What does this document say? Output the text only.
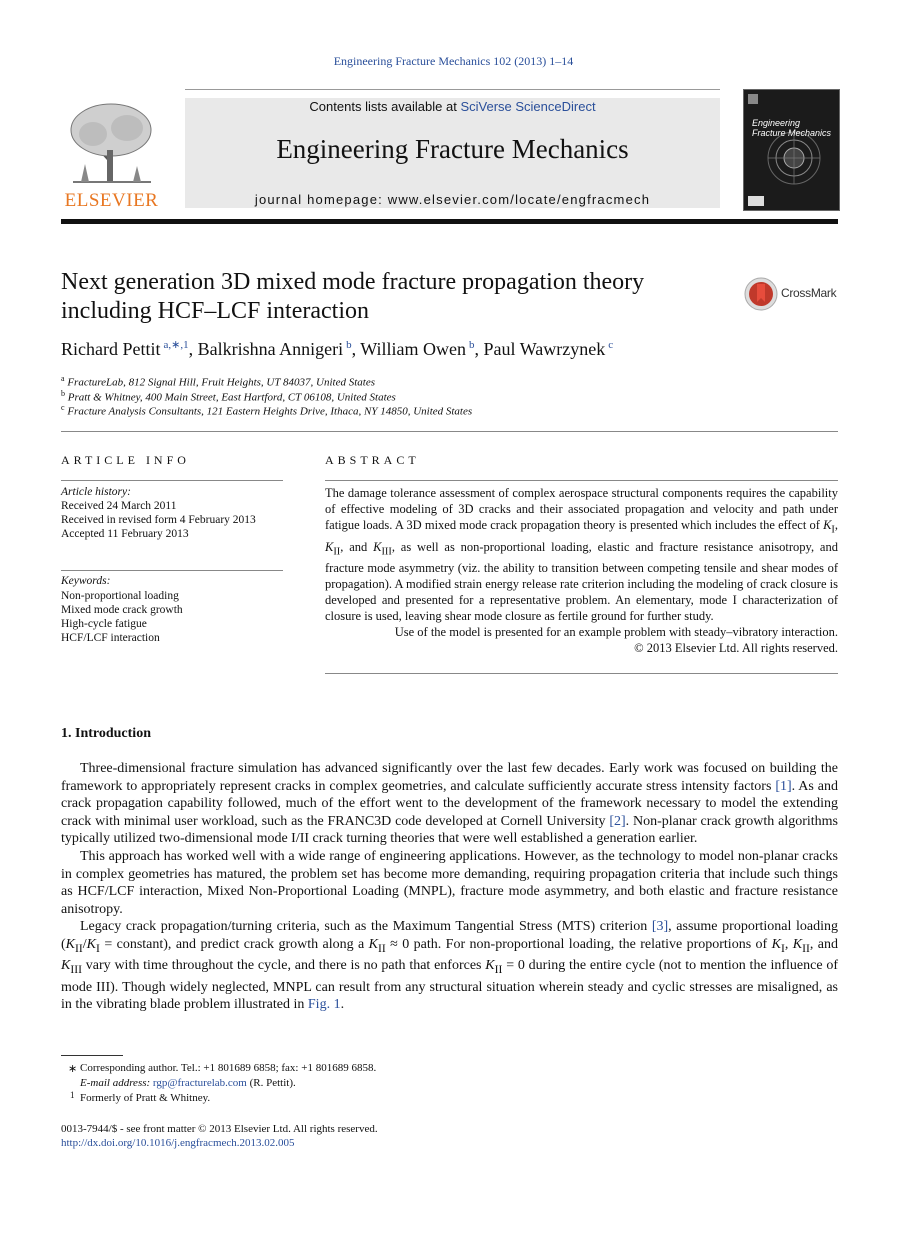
Engineering Fracture Mechanics 102 (2013) 1–14
ELSEVIER
Contents lists available at SciVerse ScienceDirect
Engineering Fracture Mechanics
journal homepage: www.elsevier.com/locate/engfracmech
Engineering Fracture Mechanics
Next generation 3D mixed mode fracture propagation theory including HCF–LCF interaction
CrossMark
Richard Pettit $^{a,∗,1}$, Balkrishna Annigeri $^b$, William Owen $^b$, Paul Wawrzynek $^c$
$^a$ FractureLab, 812 Signal Hill, Fruit Heights, UT 84037, United States
$^b$ Pratt & Whitney, 400 Main Street, East Hartford, CT 06108, United States
$^c$ Fracture Analysis Consultants, 121 Eastern Heights Drive, Ithaca, NY 14850, United States
ARTICLE INFO
Article history:
Received 24 March 2011
Received in revised form 4 February 2013
Accepted 11 February 2013
Keywords:
Non-proportional loading
Mixed mode crack growth
High-cycle fatigue
HCF/LCF interaction
ABSTRACT

The damage tolerance assessment of complex aerospace structural components requires the capability of effective modeling of 3D cracks and their associated propagation and velocity and path under fatigue loads. A 3D mixed mode crack propagation theory is presented which includes the effect of $K_I$, $K_{II}$, and $K_{III}$, as well as non-proportional loading, elastic and fracture resistance anisotropy, and fracture mode asymmetry (viz. the ability to transition between competing tensile and shear modes of propagation). A modified strain energy release rate criterion including the modeling of crack closure is developed and presented for a representative problem. An elementary, mode I characterization of closure is used, leaving shear mode closure as fertile ground for further study.

Use of the model is presented for an example problem with steady–vibratory interaction.

© 2013 Elsevier Ltd. All rights reserved.

1. Introduction

Three-dimensional fracture simulation has advanced significantly over the last few decades. Early work was focused on building the framework to appropriately represent cracks in complex geometries, and calculate sufficiently accurate stress intensity factors [1]. As and crack propagation capability followed, much of the effort went to the development of the framework necessary to model the extending crack with minimal user workload, such as the FRANC3D code developed at Cornell University [2]. Non-planar crack growth algorithms typically utilized two-dimensional mode I/II crack turning theories that were well established a generation earlier.

This approach has worked well with a wide range of engineering applications. However, as the technology to model non-planar cracks in complex geometries has matured, the problem set has become more demanding, requiring propagation criteria that include such things as HCF/LCF interaction, Mixed Non-Proportional Loading (MNPL), fracture mode asymmetry, and both elastic and fracture resistance anisotropy.

Legacy crack propagation/turning criteria, such as the Maximum Tangential Stress (MTS) criterion [3], assume proportional loading ($K_{II}/K_I$ = constant), and predict crack growth along a $K_{II} \approx 0$ path. For non-proportional loading, the relative proportions of $K_I$, $K_{II}$, and $K_{III}$ vary with time throughout the cycle, and there is no path that enforces $K_{II} = 0$ during the entire cycle (not to mention the influence of mode III). Though widely neglected, MNPL can result from any structural situation wherein steady and cyclic stresses are misaligned, as in the vibrating blade problem illustrated in Fig. 1.

∗ Corresponding author. Tel.: +1 801689 6858; fax: +1 801689 6858.
E-mail address: rgp@fracturelab.com (R. Pettit).
1 Formerly of Pratt & Whitney.
0013-7944/$ - see front matter © 2013 Elsevier Ltd. All rights reserved.
http://dx.doi.org/10.1016/j.engfracmech.2013.02.005
